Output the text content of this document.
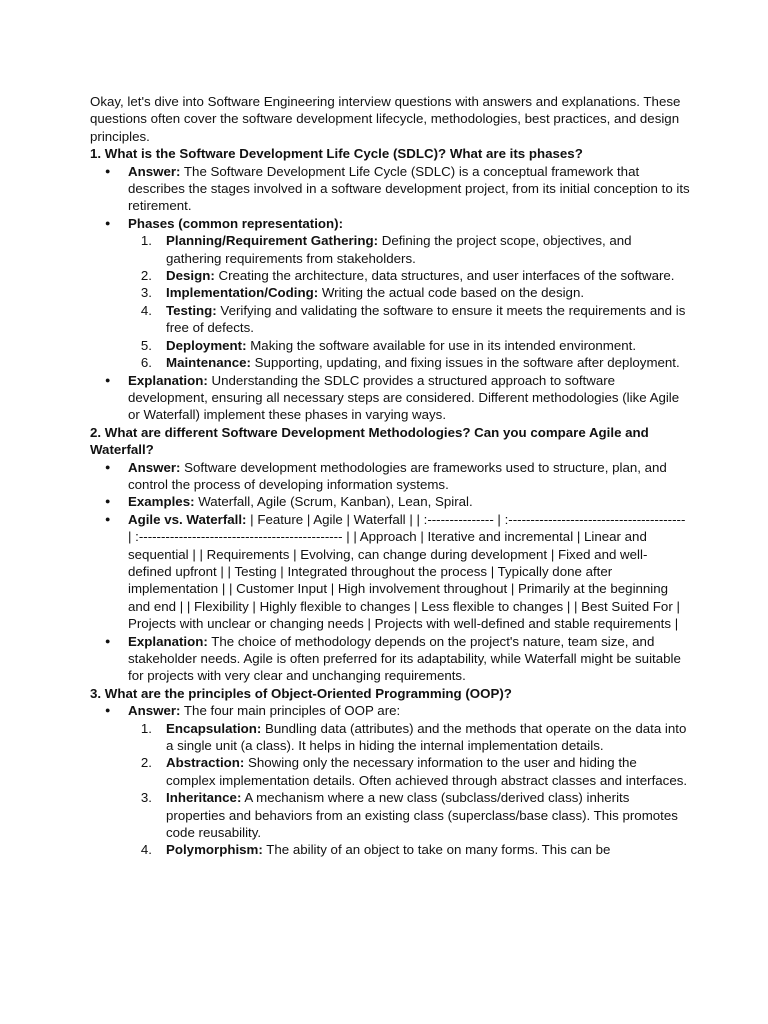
Okay, let's dive into Software Engineering interview questions with answers and explanations. These questions often cover the software development lifecycle, methodologies, best practices, and design principles.

1. What is the Software Development Life Cycle (SDLC)? What are its phases?

● Answer: The Software Development Life Cycle (SDLC) is a conceptual framework that describes the stages involved in a software development project, from its initial conception to its retirement.
● Phases (common representation):
1. Planning/Requirement Gathering: Defining the project scope, objectives, and gathering requirements from stakeholders.
2. Design: Creating the architecture, data structures, and user interfaces of the software.
3. Implementation/Coding: Writing the actual code based on the design.
4. Testing: Verifying and validating the software to ensure it meets the requirements and is free of defects.
5. Deployment: Making the software available for use in its intended environment.
6. Maintenance: Supporting, updating, and fixing issues in the software after deployment.
● Explanation: Understanding the SDLC provides a structured approach to software development, ensuring all necessary steps are considered. Different methodologies (like Agile or Waterfall) implement these phases in varying ways.

2. What are different Software Development Methodologies? Can you compare Agile and Waterfall?

● Answer: Software development methodologies are frameworks used to structure, plan, and control the process of developing information systems.
● Examples: Waterfall, Agile (Scrum, Kanban), Lean, Spiral.
● Agile vs. Waterfall: | Feature | Agile | Waterfall | | :--------------- | :---------------------------------------- | :---------------------------------------------- | | Approach | Iterative and incremental | Linear and sequential | | Requirements | Evolving, can change during development | Fixed and well-defined upfront | | Testing | Integrated throughout the process | Typically done after implementation | | Customer Input | High involvement throughout | Primarily at the beginning and end | | Flexibility | Highly flexible to changes | Less flexible to changes | | Best Suited For | Projects with unclear or changing needs | Projects with well-defined and stable requirements |
● Explanation: The choice of methodology depends on the project's nature, team size, and stakeholder needs. Agile is often preferred for its adaptability, while Waterfall might be suitable for projects with very clear and unchanging requirements.

3. What are the principles of Object-Oriented Programming (OOP)?

● Answer: The four main principles of OOP are:
1. Encapsulation: Bundling data (attributes) and the methods that operate on the data into a single unit (a class). It helps in hiding the internal implementation details.
2. Abstraction: Showing only the necessary information to the user and hiding the complex implementation details. Often achieved through abstract classes and interfaces.
3. Inheritance: A mechanism where a new class (subclass/derived class) inherits properties and behaviors from an existing class (superclass/base class). This promotes code reusability.
4. Polymorphism: The ability of an object to take on many forms. This can be
